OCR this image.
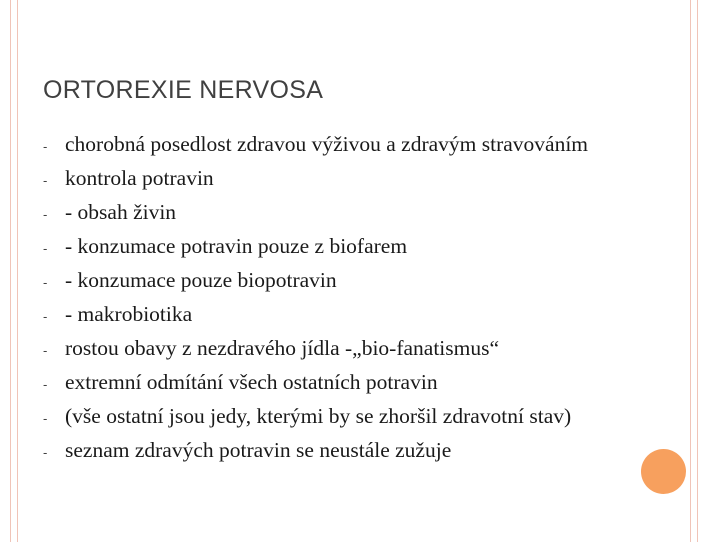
ORTOREXIE NERVOSA
- chorobná posedlost zdravou výživou a zdravým stravováním
- kontrola potravin
- - obsah živin
- - konzumace potravin pouze z biofarem
- - konzumace pouze biopotravin
- - makrobiotika
- rostou obavy z nezdravého jídla -„bio-fanatismus“
- extremní odmítání všech ostatních potravin
- (vše ostatní jsou jedy, kterými by se zhoršil zdravotní stav)
- seznam zdravých potravin se neustále zužuje
